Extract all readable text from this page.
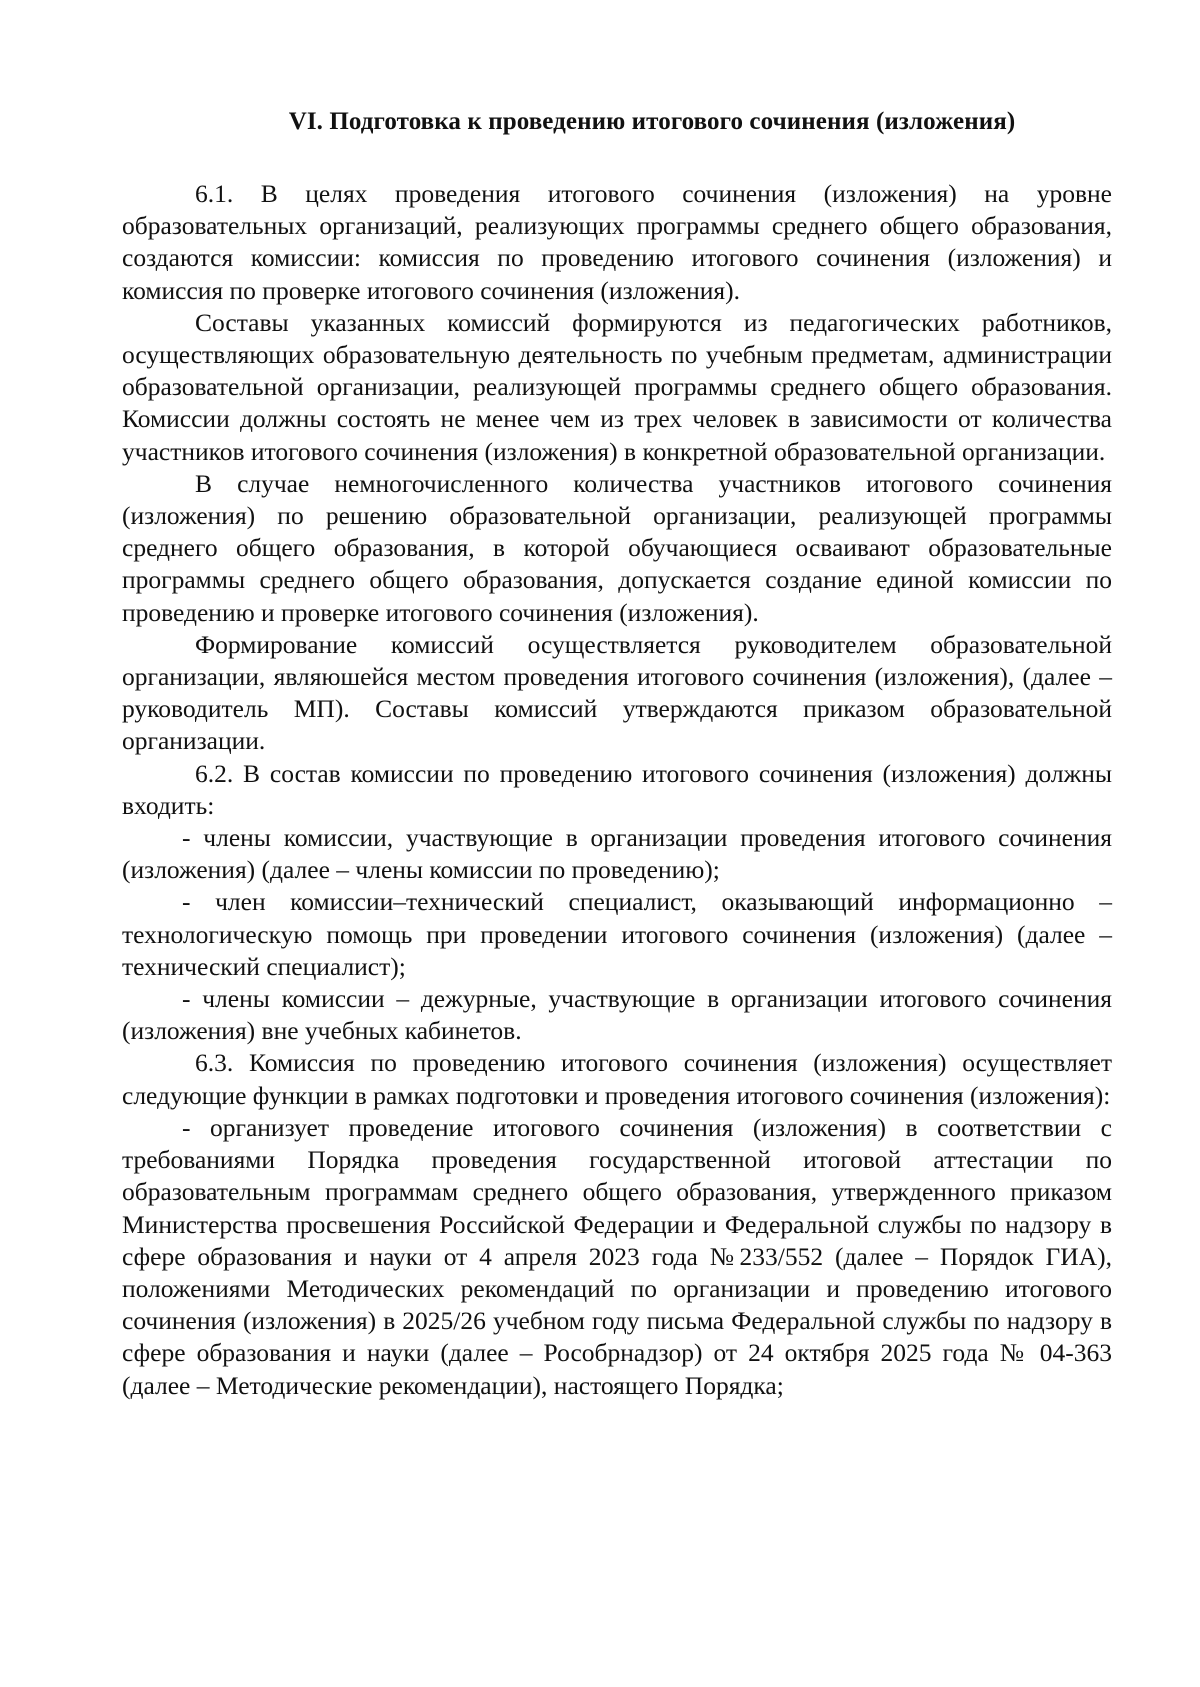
VI. Подготовка к проведению итогового сочинения (изложения)

6.1. В целях проведения итогового сочинения (изложения) на уровне образовательных организаций, реализующих программы среднего общего образования, создаются комиссии: комиссия по проведению итогового сочинения (изложения) и комиссия по проверке итогового сочинения (изложения).

Составы указанных комиссий формируются из педагогических работников, осуществляющих образовательную деятельность по учебным предметам, администрации образовательной организации, реализующей программы среднего общего образования. Комиссии должны состоять не менее чем из трех человек в зависимости от количества участников итогового сочинения (изложения) в конкретной образовательной организации.

В случае немногочисленного количества участников итогового сочинения (изложения) по решению образовательной организации, реализующей программы среднего общего образования, в которой обучающиеся осваивают образовательные программы среднего общего образования, допускается создание единой комиссии по проведению и проверке итогового сочинения (изложения).

Формирование комиссий осуществляется руководителем образовательной организации, являюшейся местом проведения итогового сочинения (изложения), (далее – руководитель МП). Составы комиссий утверждаются приказом образовательной организации.

6.2. В состав комиссии по проведению итогового сочинения (изложения) должны входить:

- члены комиссии, участвующие в организации проведения итогового сочинения (изложения) (далее – члены комиссии по проведению);

- член комиссии–технический специалист, оказывающий информационно – технологическую помощь при проведении итогового сочинения (изложения) (далее – технический специалист);

- члены комиссии – дежурные, участвующие в организации итогового сочинения (изложения) вне учебных кабинетов.

6.3. Комиссия по проведению итогового сочинения (изложения) осуществляет следующие функции в рамках подготовки и проведения итогового сочинения (изложения):

- организует проведение итогового сочинения (изложения) в соответствии с требованиями Порядка проведения государственной итоговой аттестации по образовательным программам среднего общего образования, утвержденного приказом Министерства просвешения Российской Федерации и Федеральной службы по надзору в сфере образования и науки от 4 апреля 2023 года №233/552 (далее – Порядок ГИА), положениями Методических рекомендаций по организации и проведению итогового сочинения (изложения) в 2025/26 учебном году письма Федеральной службы по надзору в сфере образования и науки (далее – Рособрнадзор) от 24 октября 2025 года № 04-363 (далее – Методические рекомендации), настоящего Порядка;
